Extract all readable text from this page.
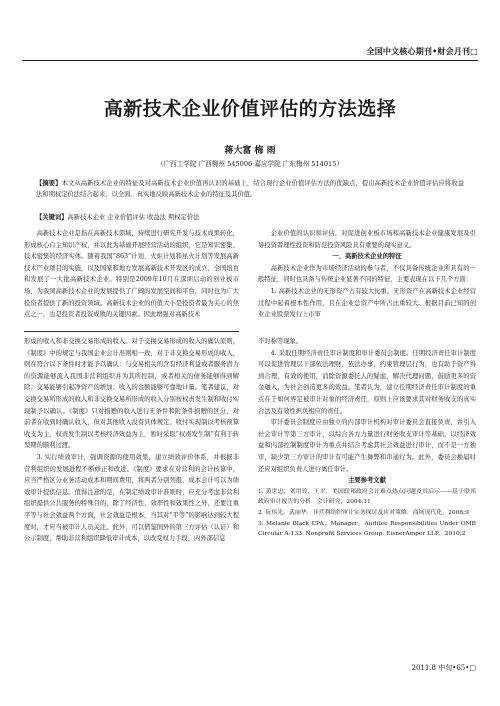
全国中文核心期刊•财会月刊□
高新技术企业价值评估的方法选择
蒋大富 梅 雨
（广西工学院 广西柳州 545006 嘉应学院 广东梅州 514015）
【摘要】本文从高新技术企业的特征及对高新技术企业价值再认识的基础上，结合现行企业价值评估方法的优缺点，提出高新技术企业价值评估应将收益法和期权定价法结合起来，以全面、真实地反映高新技术企业的特征及其价值。
【关键词】高新技术企业 企业价值评估 收益法 期权定价法

高新技术企业是指在高新技术领域，持续进行研究开发与技术成果转化，形成核心自主知识产权，并以此为基础开展经营活动的组织，它是知识密集、技术密集的经济实体。随着我国“863”计划、火炬计划和星火计划等发展高新技术产业项目的实施，以及国家和地方发展高新技术开发区的成立，全国培育和发展了一大批高新技术企业。特别是2009年10月在深圳启动的创业板市场，为我国高新技术企业的发展提供了广阔的发展空间和平台，同时也为广大投资者提供了新的投资领域。高新技术企业的价值大小是投资者最为关心的焦点之一，也是投资者投资成败的关键因素。因此增强对高新技术

企业价值的认识和评估，对促进创业板市场和高新技术企业健康发展及引导投资者理性投资和防范投资风险具有重要的现实意义。

一、高新技术企业的特征

高新技术企业作为市场经济活动的参与者，不仅具备传统企业所具有的一般特征，同时也具备与传统企业显著不同的特征，主要表现在以下几个方面：

1. 高新技术企业的无形资产占有较大比重。无形资产在高新技术企业经营过程中起着根本性作用，且在企业总资产中所占比重较大。根据目前已知的创业企业股票发行上市审

形成的收入和非交换交易形成的收入。对于交换交易形成的收入的确认原则，《制度》中的规定与我国企业会计准则相一致，对于非交换交易形成的收入，则在符合以下条件时才能予以确认：与交易相关的含有经济利益或者服务潜力的资源能够流入我国非营利组织并为其所控制，或者相关的债务能够得到解除；交易能够引起净资产的增加；收入的金额能够可靠地计量。笔者建议，对交换交易所形成的收入和非交换交易所形成的收入分别按权责发生制和收付实现制予以确认。《制度》只对捐赠的收入进行无条件和附条件捐赠的区分，对前者在收到时确认收入，但对其他收入没有具体规定。收付实现制以考核预算收支为主，权责发生制以考核经济效益为主，暂时采取“权责发生制”有利于转型期的顺利过渡。

3. 实行绩效审计，强调资源的使用效果，建立绩效评价体系，并根据非营利组织的发展进程不断修正和改进。《制度》要求在对营利的会计核算中，应当严格区分业务活动成本和期间费用，将两者分别列报，成本会计可以为绩效审计提供信息。值得注意的是，在制定绩效审计准则时，应充分考虑非营利组织提供公共服务的特殊目的，除了经济性、效率性和效果性之外，还要注重平等与社会效益两个方面，社会效益是根本，当其对“平等”的影响达到较大程度时，才应当被审计人员关注。此外，可以借鉴国外的第三方评估（认证）和公示制度，帮助非营利组织降低审计成本，以改变权力手段，内外部信息

不对称等现象。

4. 采取任期经济责任审计制度和审计委员会制度。任期经济责任审计制度可以促进管理层干部依法理财、依法办事，约束管理层行为，也有助于资产得到合理、有效的使用，消除资源委托人的疑虑，解决代理问题，鼓励更多的资金融入，为社会创造更多的效益。笔者认为，建立任期经济责任审计制度的重点在于如何界定被审计对象的经济责任，原则上应该要求其对财务收支的真实合法及有效性担负相应的责任。

审计委员会制度应由独立的内部审计机构对审计委员会直接负责，并引入社会审计等第三方审计，以综合各方力量进行财务收支审计等基础，以经济效益和内部控制制度审计为重点并结合考虑其社会效益进行审计，而不是一方独审，缺少第三方审计的审计有可能产生舞弊和串通行为。此外，委员会换届时还应对组织负责人进行离任审计。

主要参考文献

1. 黄世忠，刘用铨，王平．美国联邦政府会计难点热点问题及其启示——基于联邦政府审计报告的分析．会计研究，2004;11

2. 阮伟光，武丽华．非营利组织审计实务探讨及应对策略．商场现代化，2008;9

3. Melanie Black CPA，Manager，Auditee Responsibilities Under OMB Circular A-133. Nonprofit Services Group. EisnerAmper LLP，2010;2

2011.8 中旬•65•□
